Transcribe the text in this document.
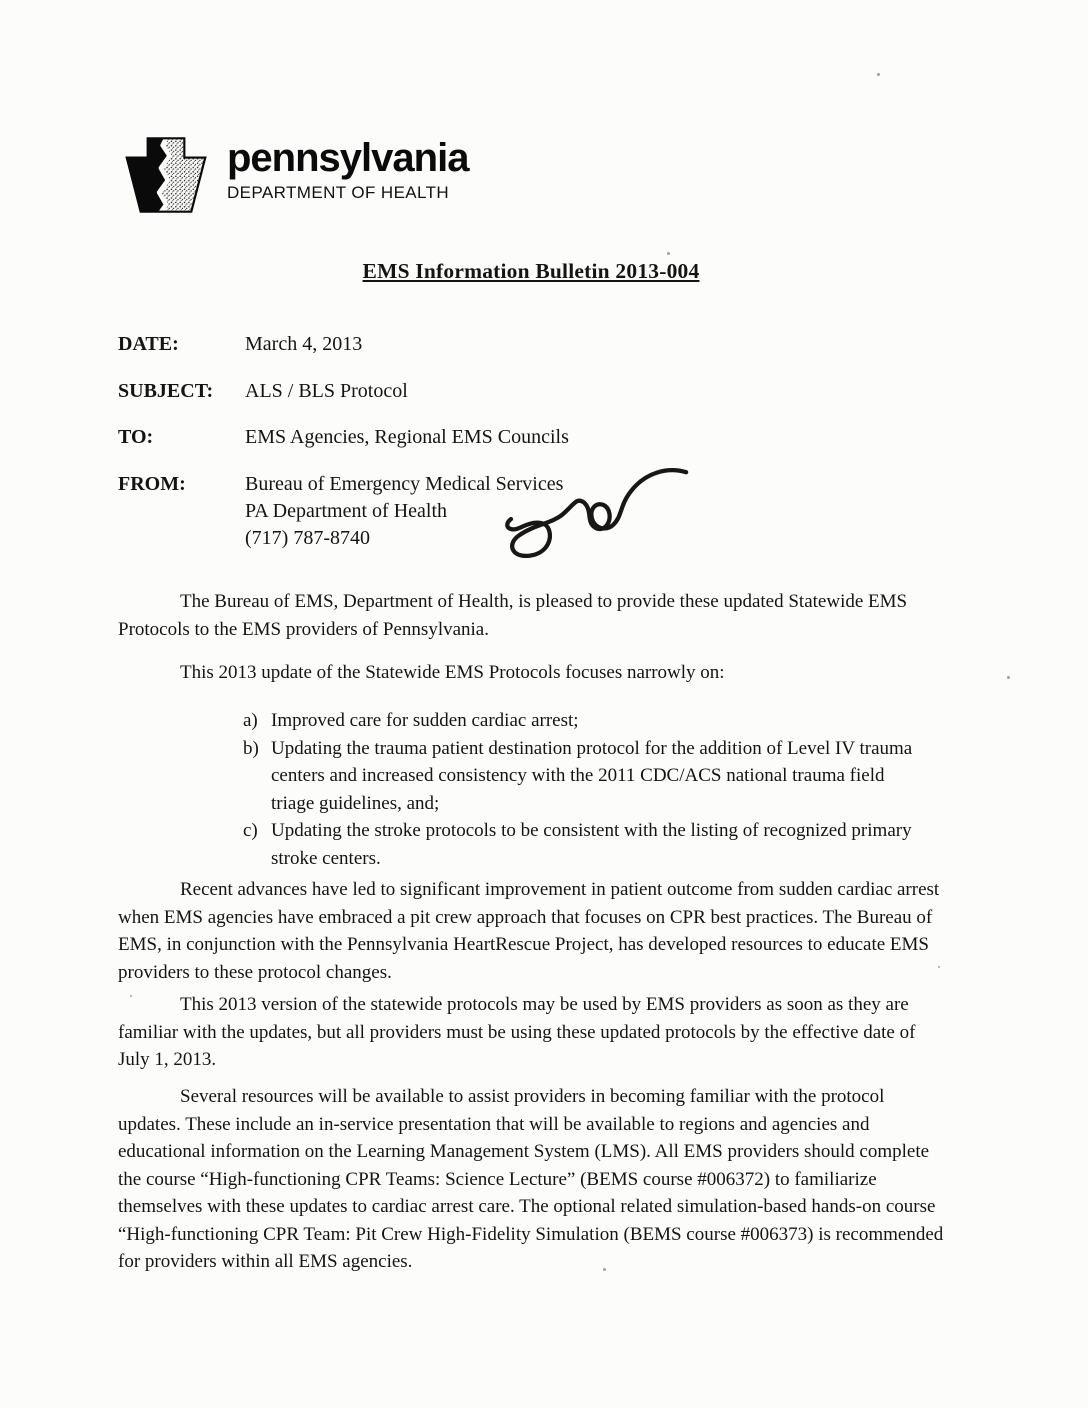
pennsylvania
DEPARTMENT OF HEALTH
EMS Information Bulletin 2013-004
DATE:	March 4, 2013
SUBJECT:	ALS / BLS Protocol
TO:	EMS Agencies, Regional EMS Councils
FROM:	Bureau of Emergency Medical Services
PA Department of Health
(717) 787-8740
The Bureau of EMS, Department of Health, is pleased to provide these updated Statewide EMS Protocols to the EMS providers of Pennsylvania.
This 2013 update of the Statewide EMS Protocols focuses narrowly on:
a) Improved care for sudden cardiac arrest;
b) Updating the trauma patient destination protocol for the addition of Level IV trauma centers and increased consistency with the 2011 CDC/ACS national trauma field triage guidelines, and;
c) Updating the stroke protocols to be consistent with the listing of recognized primary stroke centers.
Recent advances have led to significant improvement in patient outcome from sudden cardiac arrest when EMS agencies have embraced a pit crew approach that focuses on CPR best practices. The Bureau of EMS, in conjunction with the Pennsylvania HeartRescue Project, has developed resources to educate EMS providers to these protocol changes.
This 2013 version of the statewide protocols may be used by EMS providers as soon as they are familiar with the updates, but all providers must be using these updated protocols by the effective date of July 1, 2013.
Several resources will be available to assist providers in becoming familiar with the protocol updates. These include an in-service presentation that will be available to regions and agencies and educational information on the Learning Management System (LMS). All EMS providers should complete the course “High-functioning CPR Teams: Science Lecture” (BEMS course #006372) to familiarize themselves with these updates to cardiac arrest care. The optional related simulation-based hands-on course “High-functioning CPR Team: Pit Crew High-Fidelity Simulation (BEMS course #006373) is recommended for providers within all EMS agencies.
